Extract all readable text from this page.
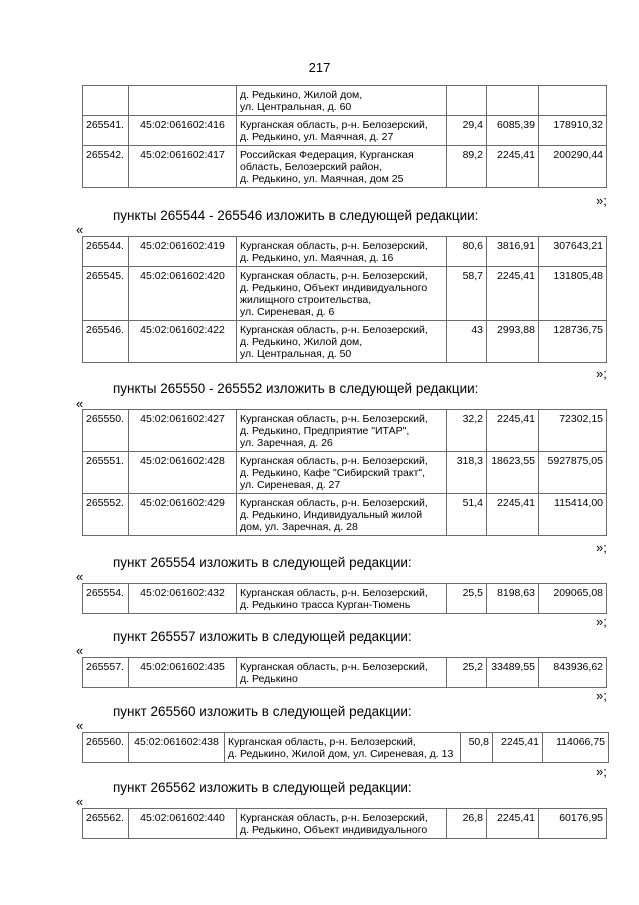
217

		д. Редькино, Жилой дом,
ул. Центральная, д. 60			

265541.	45:02:061602:416	Курганская область, р-н. Белозерский,
д. Редькино, ул. Маячная, д. 27	29,4	6085,39	178910,32
265542.	45:02:061602:417	Российская Федерация, Курганская
область, Белозерский район,
д. Редькино, ул. Маячная, дом 25	89,2	2245,41	200290,44
»;
пункты 265544 - 265546 изложить в следующей редакции:
«
265544.	45:02:061602:419	Курганская область, р-н. Белозерский,
д. Редькино, ул. Маячная, д. 16	80,6	3816,91	307643,21
265545.	45:02:061602:420	Курганская область, р-н. Белозерский,
д. Редькино, Объект индивидуального
жилищного строительства,
ул. Сиреневая, д. 6	58,7	2245,41	131805,48
265546.	45:02:061602:422	Курганская область, р-н. Белозерский,
д. Редькино, Жилой дом,
ул. Центральная, д. 50	43	2993,88	128736,75
»;
пункты 265550 - 265552 изложить в следующей редакции:
«
265550.	45:02:061602:427	Курганская область, р-н. Белозерский,
д. Редькино, Предприятие "ИТАР",
ул. Заречная, д. 26	32,2	2245,41	72302,15
265551.	45:02:061602:428	Курганская область, р-н. Белозерский,
д. Редькино, Кафе "Сибирский тракт",
ул. Сиреневая, д. 27	318,3	18623,55	5927875,05
265552.	45:02:061602:429	Курганская область, р-н. Белозерский,
д. Редькино, Индивидуальный жилой
дом, ул. Заречная, д. 28	51,4	2245,41	115414,00
»;
пункт 265554 изложить в следующей редакции:
«
265554.	45:02:061602:432	Курганская область, р-н. Белозерский,
д. Редькино трасса Курган-Тюмень
	25,5	8198,63	209065,08
»;
пункт 265557 изложить в следующей редакции:
«
265557.	45:02:061602:435	Курганская область, р-н. Белозерский,
д. Редькино
	25,2	33489,55	843936,62
»;
пункт 265560 изложить в следующей редакции:
«
265560.	45:02:061602:438	Курганская область, р-н. Белозерский,
д. Редькино, Жилой дом, ул. Сиреневая, д. 13
	50,8	2245,41	114066,75
»;
пункт 265562 изложить в следующей редакции:
«
265562.	45:02:061602:440	Курганская область, р-н. Белозерский,
д. Редькино, Объект индивидуального
	26,8	2245,41	60176,95
